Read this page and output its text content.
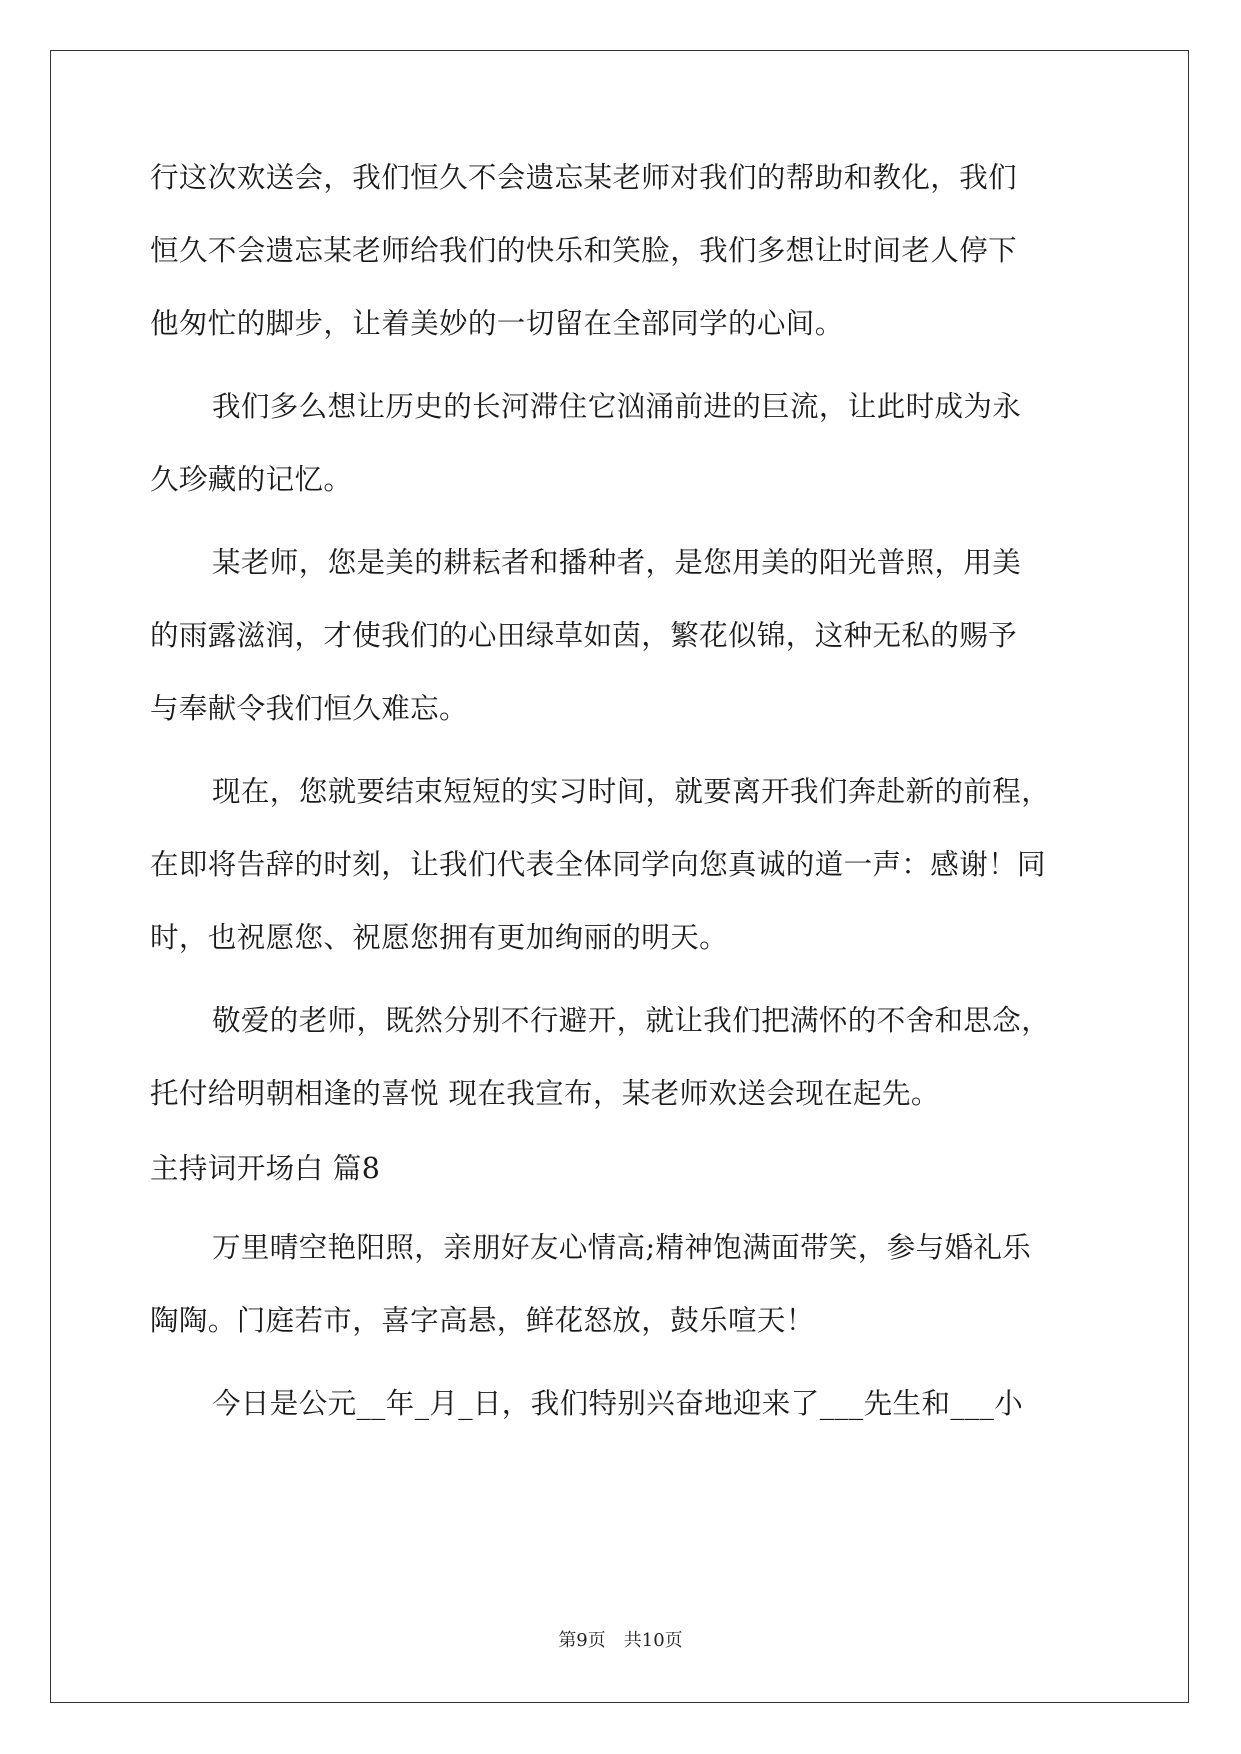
行这次欢送会，我们恒久不会遗忘某老师对我们的帮助和教化，我们
恒久不会遗忘某老师给我们的快乐和笑脸，我们多想让时间老人停下
他匆忙的脚步，让着美妙的一切留在全部同学的心间。
我们多么想让历史的长河滞住它汹涌前进的巨流，让此时成为永
久珍藏的记忆。
某老师，您是美的耕耘者和播种者，是您用美的阳光普照，用美
的雨露滋润，才使我们的心田绿草如茵，繁花似锦，这种无私的赐予
与奉献令我们恒久难忘。
现在，您就要结束短短的实习时间，就要离开我们奔赴新的前程，
在即将告辞的时刻，让我们代表全体同学向您真诚的道一声：感谢！同
时，也祝愿您、祝愿您拥有更加绚丽的明天。
敬爱的老师，既然分别不行避开，就让我们把满怀的不舍和思念，
托付给明朝相逢的喜悦 现在我宣布，某老师欢送会现在起先。
主持词开场白 篇8
万里晴空艳阳照，亲朋好友心情高;精神饱满面带笑，参与婚礼乐
陶陶。门庭若市，喜字高悬，鲜花怒放，鼓乐喧天！
今日是公元__年_月_日，我们特别兴奋地迎来了___先生和___小
第9页　共10页
